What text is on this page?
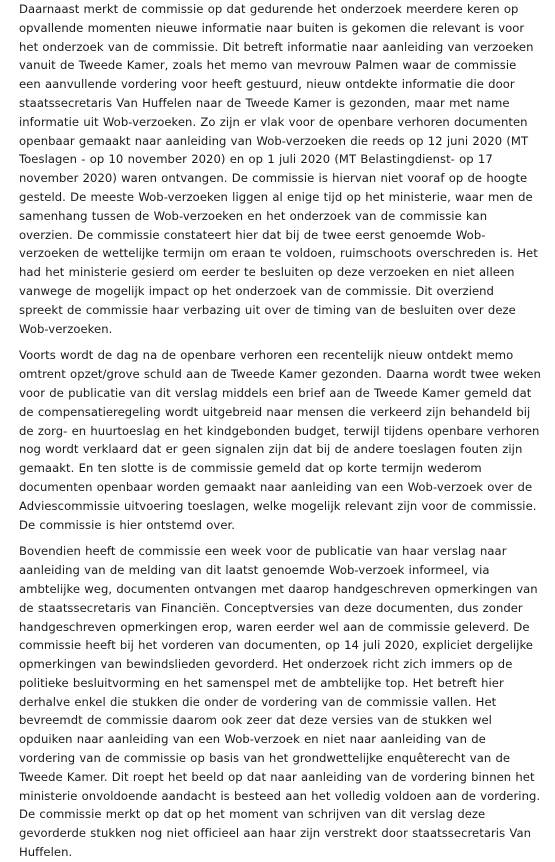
Daarnaast merkt de commissie op dat gedurende het onderzoek meerdere keren op opvallende momenten nieuwe informatie naar buiten is gekomen die relevant is voor het onderzoek van de commissie. Dit betreft informatie naar aanleiding van verzoeken vanuit de Tweede Kamer, zoals het memo van mevrouw Palmen waar de commissie een aanvullende vordering voor heeft gestuurd, nieuw ontdekte informatie die door staatssecretaris Van Huffelen naar de Tweede Kamer is gezonden, maar met name informatie uit Wob-verzoeken. Zo zijn er vlak voor de openbare verhoren documenten openbaar gemaakt naar aanleiding van Wob-verzoeken die reeds op 12 juni 2020 (MT Toeslagen - op 10 november 2020) en op 1 juli 2020 (MT Belastingdienst- op 17 november 2020) waren ontvangen. De commissie is hiervan niet vooraf op de hoogte gesteld. De meeste Wob-verzoeken liggen al enige tijd op het ministerie, waar men de samenhang tussen de Wob-verzoeken en het onderzoek van de commissie kan overzien. De commissie constateert hier dat bij de twee eerst genoemde Wob-verzoeken de wettelijke termijn om eraan te voldoen, ruimschoots overschreden is. Het had het ministerie gesierd om eerder te besluiten op deze verzoeken en niet alleen vanwege de mogelijk impact op het onderzoek van de commissie. Dit overziend spreekt de commissie haar verbazing uit over de timing van de besluiten over deze Wob-verzoeken.

Voorts wordt de dag na de openbare verhoren een recentelijk nieuw ontdekt memo omtrent opzet/grove schuld aan de Tweede Kamer gezonden. Daarna wordt twee weken voor de publicatie van dit verslag middels een brief aan de Tweede Kamer gemeld dat de compensatieregeling wordt uitgebreid naar mensen die verkeerd zijn behandeld bij de zorg- en huurtoeslag en het kindgebonden budget, terwijl tijdens openbare verhoren nog wordt verklaard dat er geen signalen zijn dat bij de andere toeslagen fouten zijn gemaakt. En ten slotte is de commissie gemeld dat op korte termijn wederom documenten openbaar worden gemaakt naar aanleiding van een Wob-verzoek over de Adviescommissie uitvoering toeslagen, welke mogelijk relevant zijn voor de commissie. De commissie is hier ontstemd over.

Bovendien heeft de commissie een week voor de publicatie van haar verslag naar aanleiding van de melding van dit laatst genoemde Wob-verzoek informeel, via ambtelijke weg, documenten ontvangen met daarop handgeschreven opmerkingen van de staatssecretaris van Financiën. Conceptversies van deze documenten, dus zonder handgeschreven opmerkingen erop, waren eerder wel aan de commissie geleverd. De commissie heeft bij het vorderen van documenten, op 14 juli 2020, expliciet dergelijke opmerkingen van bewindslieden gevorderd. Het onderzoek richt zich immers op de politieke besluitvorming en het samenspel met de ambtelijke top. Het betreft hier derhalve enkel die stukken die onder de vordering van de commissie vallen. Het bevreemdt de commissie daarom ook zeer dat deze versies van de stukken wel opduiken naar aanleiding van een Wob-verzoek en niet naar aanleiding van de vordering van de commissie op basis van het grondwettelijke enquêterecht van de Tweede Kamer. Dit roept het beeld op dat naar aanleiding van de vordering binnen het ministerie onvoldoende aandacht is besteed aan het volledig voldoen aan de vordering. De commissie merkt op dat op het moment van schrijven van dit verslag deze gevorderde stukken nog niet officieel aan haar zijn verstrekt door staatssecretaris Van Huffelen.
